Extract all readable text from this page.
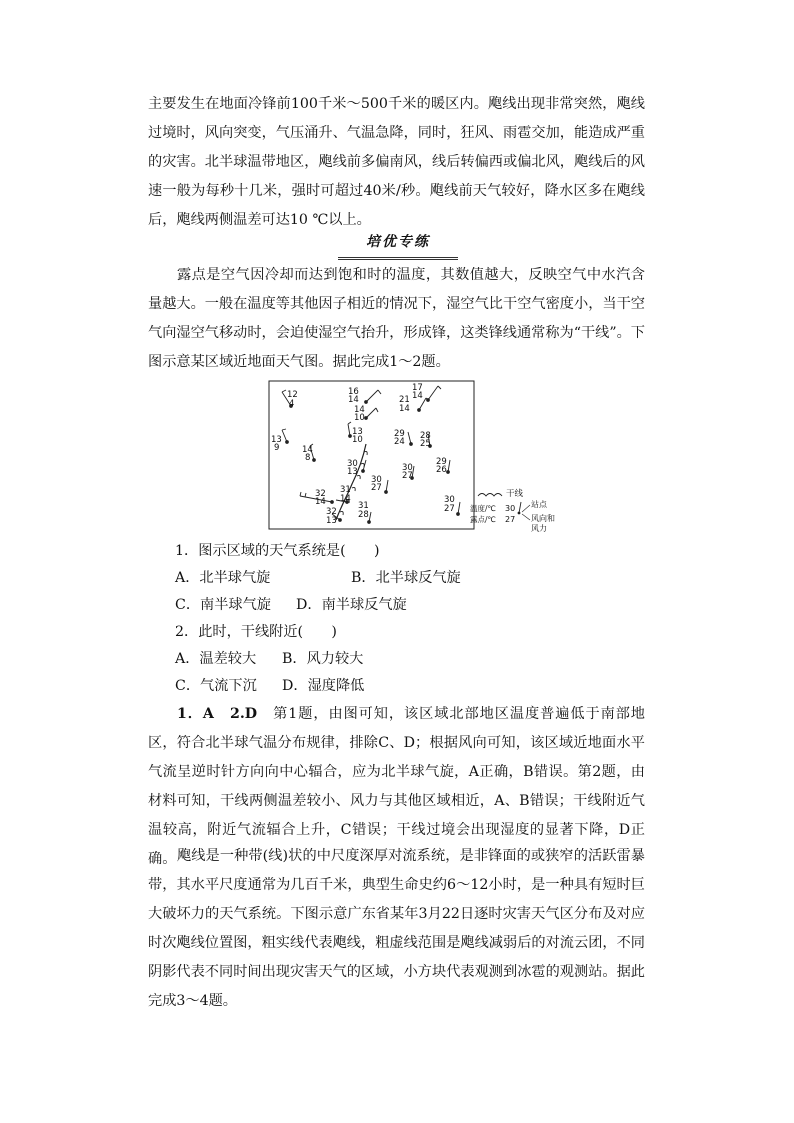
主要发生在地面冷锋前100千米～500千米的暖区内。飑线出现非常突然，飑线过境时，风向突变，气压涌升、气温急降，同时，狂风、雨雹交加，能造成严重的灾害。北半球温带地区，飑线前多偏南风，线后转偏西或偏北风，飑线后的风速一般为每秒十几米，强时可超过40米/秒。飑线前天气较好，降水区多在飑线后，飑线两侧温差可达10 ℃以上。

培优专练

露点是空气因冷却而达到饱和时的温度，其数值越大，反映空气中水汽含量越大。一般在温度等其他因子相近的情况下，湿空气比干空气密度小，当干空气向湿空气移动时，会迫使湿空气抬升，形成锋，这类锋线通常称为“干线”。下图示意某区域近地面天气图。据此完成1～2题。

12
4
16
14
17
14
21
14
14
10
13
10
13
9	14
8
29
24
28
25
30
13	30
27
29
26
30
27
31
14
32
14
32
13
31
28
30
27
干线
温度/℃
露点/℃
30
27
站点
风向和
风力
1．图示区域的天气系统是(　　)
A．北半球气旋	B．北半球反气旋
C．南半球气旋 D．南半球反气旋
2．此时，干线附近(　　)
A．温差较大 B．风力较大
C．气流下沉 D．湿度降低

1．A　2.D　第1题，由图可知，该区域北部地区温度普遍低于南部地区，符合北半球气温分布规律，排除C、D；根据风向可知，该区域近地面水平气流呈逆时针方向向中心辐合，应为北半球气旋，A正确，B错误。第2题，由材料可知，干线两侧温差较小、风力与其他区域相近，A、B错误；干线附近气温较高，附近气流辐合上升，C错误；干线过境会出现湿度的显著下降，D正确。 飑线是一种带(线)状的中尺度深厚对流系统，是非锋面的或狭窄的活跃雷暴带，其水平尺度通常为几百千米，典型生命史约6～12小时，是一种具有短时巨大破坏力的天气系统。下图示意广东省某年3月22日逐时灾害天气区分布及对应时次飑线位置图，粗实线代表飑线，粗虚线范围是飑线减弱后的对流云团，不同阴影代表不同时间出现灾害天气的区域，小方块代表观测到冰雹的观测站。据此完成3～4题。
